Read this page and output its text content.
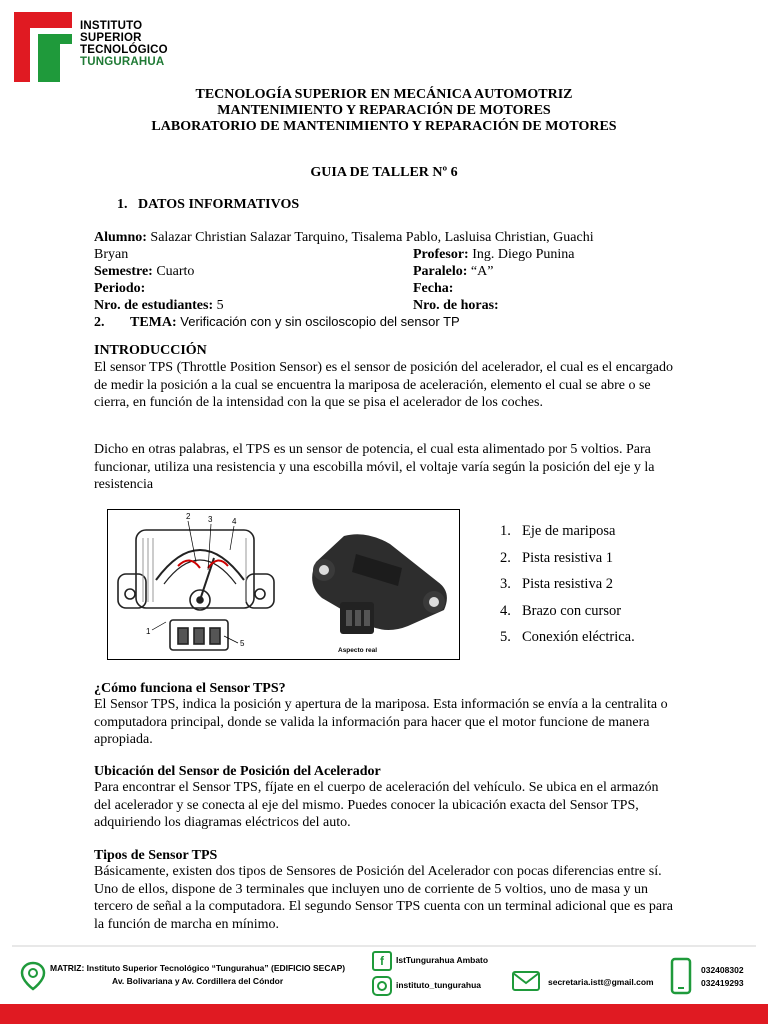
INSTITUTO
SUPERIOR
TECNOLÓGICO
TUNGURAHUA
TECNOLOGÍA SUPERIOR EN MECÁNICA AUTOMOTRIZ
MANTENIMIENTO Y REPARACIÓN DE MOTORES
LABORATORIO DE MANTENIMIENTO Y REPARACIÓN DE MOTORES
GUIA DE TALLER Nº 6
1.   DATOS INFORMATIVOS
Alumno: Salazar Christian Salazar Tarquino, Tisalema Pablo, Lasluisa Christian, Guachi
Bryan	Profesor: Ing. Diego Punina
Semestre: Cuarto	Paralelo: “A”
Periodo:	Fecha:
Nro. de estudiantes: 5	Nro. de horas:
2. TEMA: Verificación con y sin osciloscopio del sensor TP
INTRODUCCIÓN
El sensor TPS (Throttle Position Sensor) es el sensor de posición del acelerador, el cual es el encargado de medir la posición a la cual se encuentra la mariposa de aceleración, elemento el cual se abre o se cierra, en función de la intensidad con la que se pisa el acelerador de los coches.
Dicho en otras palabras, el TPS es un sensor de potencia, el cual esta alimentado por 5 voltios. Para funcionar, utiliza una resistencia y una escobilla móvil, el voltaje varía según la posición del eje y la resistencia
2 3 4
1
5
Aspecto real
1. Eje de mariposa
2. Pista resistiva 1
3. Pista resistiva 2
4. Brazo con cursor
5. Conexión eléctrica.
¿Cómo funciona el Sensor TPS?
El Sensor TPS, indica la posición y apertura de la mariposa. Esta información se envía a la centralita o computadora principal, donde se valida la información para hacer que el motor funcione de manera apropiada.
Ubicación del Sensor de Posición del Acelerador
Para encontrar el Sensor TPS, fíjate en el cuerpo de aceleración del vehículo. Se ubica en el armazón del acelerador y se conecta al eje del mismo. Puedes conocer la ubicación exacta del Sensor TPS, adquiriendo los diagramas eléctricos del auto.
Tipos de Sensor TPS
Básicamente, existen dos tipos de Sensores de Posición del Acelerador con pocas diferencias entre sí. Uno de ellos, dispone de 3 terminales que incluyen uno de corriente de 5 voltios, uno de masa y un tercero de señal a la computadora. El segundo Sensor TPS cuenta con un terminal adicional que es para la función de marcha en mínimo.
MATRIZ: Instituto Superior Tecnológico “Tungurahua” (EDIFICIO SECAP)
Av. Bolivariana y Av. Cordillera del Cóndor
f	IstTungurahua Ambato
instituto_tungurahua	secretaria.istt@gmail.com
032408302
032419293
